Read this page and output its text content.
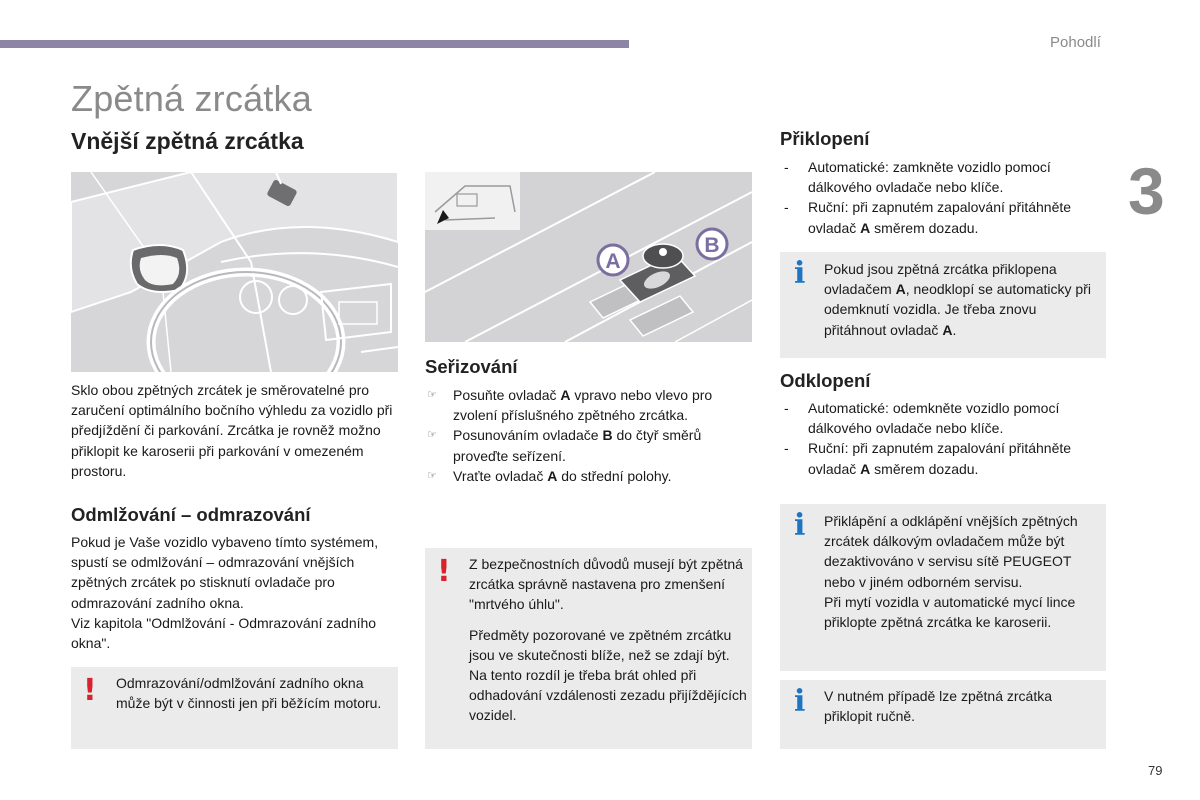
Pohodlí
3
79
Zpětná zrcátka
Vnější zpětná zrcátka

Sklo obou zpětných zrcátek je směrovatelné pro zaručení optimálního bočního výhledu za vozidlo při předjíždění či parkování. Zrcátka je rovněž možno přiklopit ke karoserii při parkování v omezeném prostoru.

Odmlžování – odmrazování

Pokud je Vaše vozidlo vybaveno tímto systémem, spustí se odmlžování – odmrazování vnějších zpětných zrcátek po stisknutí ovladače pro odmrazování zadního okna.

Viz kapitola "Odmlžování - Odmrazování zadního okna".

! Odmrazování/odmlžování zadního okna může být v činnosti jen při běžícím motoru.
A
B
Seřizování
☞ Posuňte ovladač A vpravo nebo vlevo pro zvolení příslušného zpětného zrcátka.
☞ Posunováním ovladače B do čtyř směrů proveďte seřízení.
☞ Vraťte ovladač A do střední polohy.
! Z bezpečnostních důvodů musejí být zpětná zrcátka správně nastavena pro zmenšení "mrtvého úhlu".

Předměty pozorované ve zpětném zrcátku jsou ve skutečnosti blíže, než se zdají být.

Na tento rozdíl je třeba brát ohled při odhadování vzdálenosti zezadu přijíždějících vozidel.

Přiklopení
- Automatické: zamkněte vozidlo pomocí dálkového ovladače nebo klíče.
- Ruční: při zapnutém zapalování přitáhněte ovladač A směrem dozadu.
i Pokud jsou zpětná zrcátka přiklopena ovladačem A, neodklopí se automaticky při odemknutí vozidla. Je třeba znovu přitáhnout ovladač A.
Odklopení
- Automatické: odemkněte vozidlo pomocí dálkového ovladače nebo klíče.
- Ruční: při zapnutém zapalování přitáhněte ovladač A směrem dozadu.
i Přiklápění a odklápění vnějších zpětných zrcátek dálkovým ovladačem může být dezaktivováno v servisu sítě PEUGEOT nebo v jiném odborném servisu.

Při mytí vozidla v automatické mycí lince přiklopte zpětná zrcátka ke karoserii.

i V nutném případě lze zpětná zrcátka přiklopit ručně.
